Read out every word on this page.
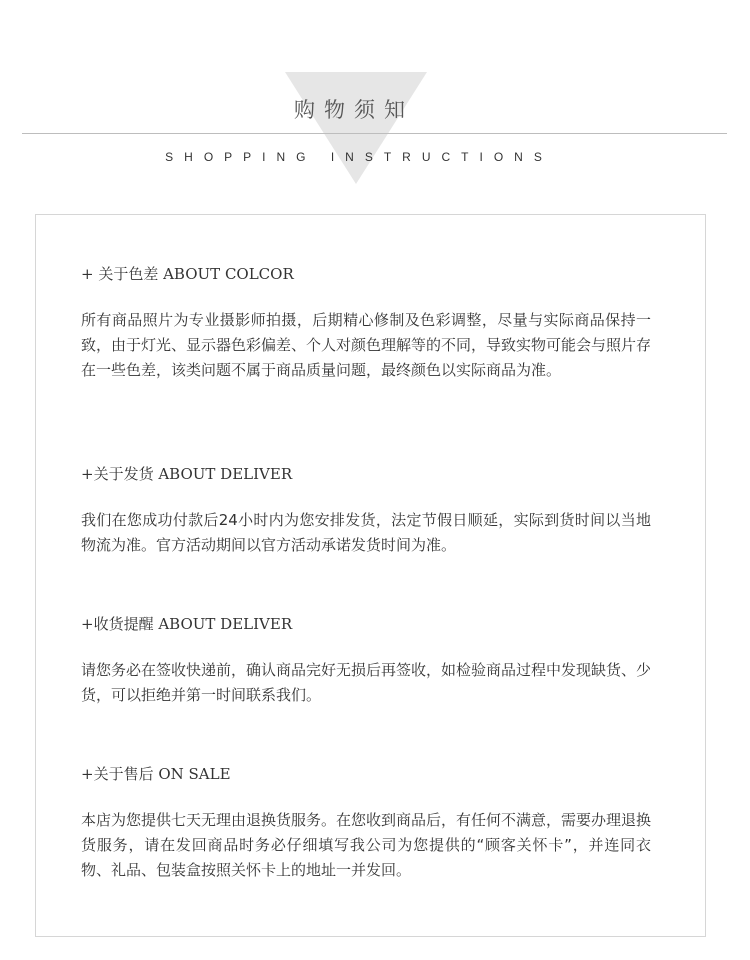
购物须知
SHOPPING INSTRUCTIONS
+ 关于色差 ABOUT COLCOR
所有商品照片为专业摄影师拍摄，后期精心修制及色彩调整，尽量与实际商品保持一致，由于灯光、显示器色彩偏差、个人对颜色理解等的不同，导致实物可能会与照片存在一些色差，该类问题不属于商品质量问题，最终颜色以实际商品为准。
+关于发货 ABOUT DELIVER
我们在您成功付款后24小时内为您安排发货，法定节假日顺延，实际到货时间以当地物流为准。官方活动期间以官方活动承诺发货时间为准。
+收货提醒 ABOUT DELIVER
请您务必在签收快递前，确认商品完好无损后再签收，如检验商品过程中发现缺货、少货，可以拒绝并第一时间联系我们。
+关于售后 ON SALE
本店为您提供七天无理由退换货服务。在您收到商品后，有任何不满意，需要办理退换货服务，请在发回商品时务必仔细填写我公司为您提供的“顾客关怀卡”，并连同衣物、礼品、包装盒按照关怀卡上的地址一并发回。
